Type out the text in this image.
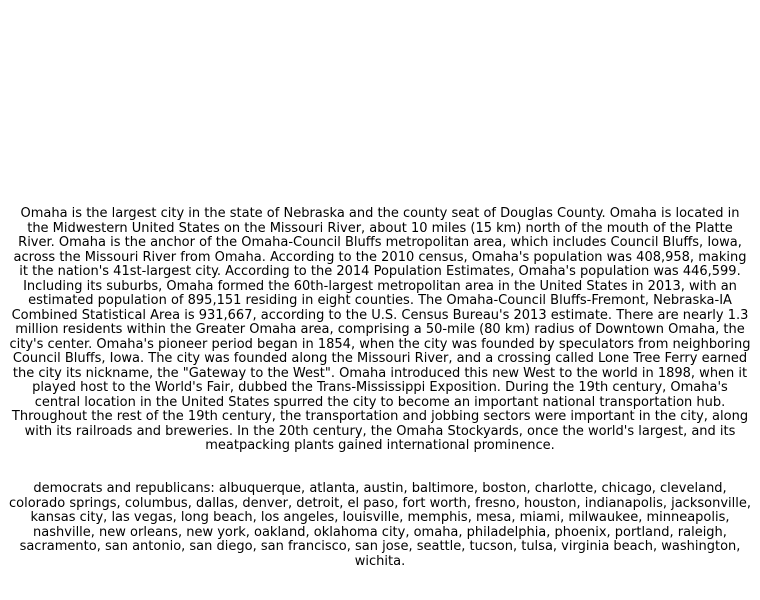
Omaha is the largest city in the state of Nebraska and the county seat of Douglas County. Omaha is located in the Midwestern United States on the Missouri River, about 10 miles (15 km) north of the mouth of the Platte River. Omaha is the anchor of the Omaha-Council Bluffs metropolitan area, which includes Council Bluffs, Iowa, across the Missouri River from Omaha. According to the 2010 census, Omaha's population was 408,958, making it the nation's 41st-largest city. According to the 2014 Population Estimates, Omaha's population was 446,599. Including its suburbs, Omaha formed the 60th-largest metropolitan area in the United States in 2013, with an estimated population of 895,151 residing in eight counties. The Omaha-Council Bluffs-Fremont, Nebraska-IA Combined Statistical Area is 931,667, according to the U.S. Census Bureau's 2013 estimate. There are nearly 1.3 million residents within the Greater Omaha area, comprising a 50-mile (80 km) radius of Downtown Omaha, the city's center. Omaha's pioneer period began in 1854, when the city was founded by speculators from neighboring Council Bluffs, Iowa. The city was founded along the Missouri River, and a crossing called Lone Tree Ferry earned the city its nickname, the "Gateway to the West". Omaha introduced this new West to the world in 1898, when it played host to the World's Fair, dubbed the Trans-Mississippi Exposition. During the 19th century, Omaha's central location in the United States spurred the city to become an important national transportation hub. Throughout the rest of the 19th century, the transportation and jobbing sectors were important in the city, along with its railroads and breweries. In the 20th century, the Omaha Stockyards, once the world's largest, and its meatpacking plants gained international prominence.

democrats and republicans: albuquerque, atlanta, austin, baltimore, boston, charlotte, chicago, cleveland, colorado springs, columbus, dallas, denver, detroit, el paso, fort worth, fresno, houston, indianapolis, jacksonville, kansas city, las vegas, long beach, los angeles, louisville, memphis, mesa, miami, milwaukee, minneapolis, nashville, new orleans, new york, oakland, oklahoma city, omaha, philadelphia, phoenix, portland, raleigh, sacramento, san antonio, san diego, san francisco, san jose, seattle, tucson, tulsa, virginia beach, washington, wichita.
